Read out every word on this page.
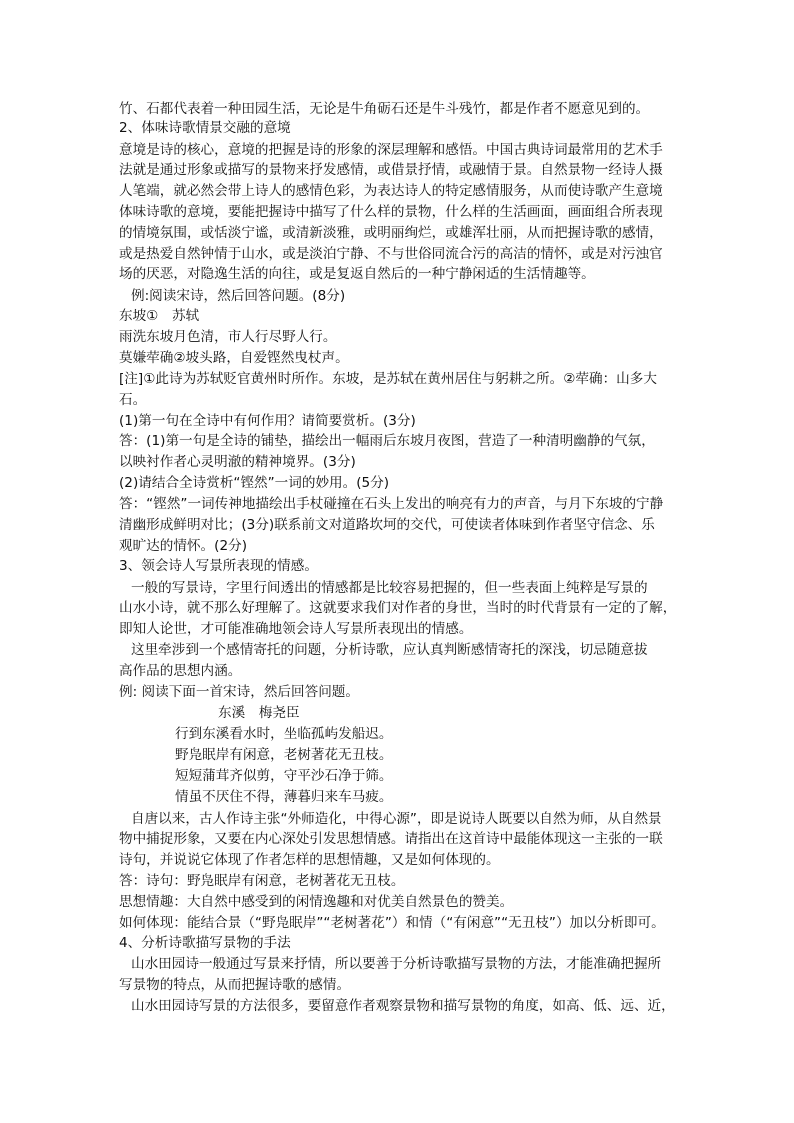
竹、石都代表着一种田园生活，无论是牛角砺石还是牛斗残竹，都是作者不愿意见到的。
2、体味诗歌情景交融的意境
意境是诗的核心，意境的把握是诗的形象的深层理解和感悟。中国古典诗词最常用的艺术手
法就是通过形象或描写的景物来抒发感情，或借景抒情，或融情于景。自然景物一经诗人摄
人笔端，就必然会带上诗人的感情色彩，为表达诗人的特定感情服务，从而使诗歌产生意境
体味诗歌的意境，要能把握诗中描写了什么样的景物，什么样的生活画面，画面组合所表现
的情境氛围，或恬淡宁谧，或清新淡雅，或明丽绚烂，或雄浑壮丽，从而把握诗歌的感情，
或是热爱自然钟情于山水，或是淡泊宁静、不与世俗同流合污的高洁的情怀，或是对污浊官
场的厌恶，对隐逸生活的向往，或是复返自然后的一种宁静闲适的生活情趣等。
例:阅读宋诗，然后回答问题。(8分)
东坡①　苏轼
雨洗东坡月色清，市人行尽野人行。
莫嫌荦确②坡头路，自爱铿然曳杖声。
[注]①此诗为苏轼贬官黄州时所作。东坡，是苏轼在黄州居住与躬耕之所。②荦确：山多大
石。
(1)第一句在全诗中有何作用？请简要赏析。(3分)
答：(1)第一句是全诗的铺垫，描绘出一幅雨后东坡月夜图，营造了一种清明幽静的气氛，
以映衬作者心灵明澈的精神境界。(3分)
(2)请结合全诗赏析“铿然”一词的妙用。(5分)
答：“铿然”一词传神地描绘出手杖碰撞在石头上发出的响亮有力的声音，与月下东坡的宁静
清幽形成鲜明对比；(3分)联系前文对道路坎坷的交代，可使读者体味到作者坚守信念、乐
观旷达的情怀。(2分)
3、领会诗人写景所表现的情感。
一般的写景诗，字里行间透出的情感都是比较容易把握的，但一些表面上纯粹是写景的
山水小诗，就不那么好理解了。这就要求我们对作者的身世，当时的时代背景有一定的了解，
即知人论世，才可能准确地领会诗人写景所表现出的情感。
这里牵涉到一个感情寄托的问题，分析诗歌，应认真判断感情寄托的深浅，切忌随意拔
高作品的思想内涵。
例: 阅读下面一首宋诗，然后回答问题。
东溪　梅尧臣
行到东溪看水时，坐临孤屿发船迟。
野凫眠岸有闲意，老树著花无丑枝。
短短蒲茸齐似剪，守平沙石净于筛。
情虽不厌住不得，薄暮归来车马疲。
自唐以来，古人作诗主张“外师造化，中得心源”，即是说诗人既要以自然为师，从自然景
物中捕捉形象，又要在内心深处引发思想情感。请指出在这首诗中最能体现这一主张的一联
诗句，并说说它体现了作者怎样的思想情趣，又是如何体现的。
答：诗句：野凫眠岸有闲意，老树著花无丑枝。
思想情趣：大自然中感受到的闲情逸趣和对优美自然景色的赞美。
如何体现：能结合景（“野凫眠岸”“老树著花”）和情（“有闲意”“无丑枝”）加以分析即可。
4、分析诗歌描写景物的手法
山水田园诗一般通过写景来抒情，所以要善于分析诗歌描写景物的方法，才能准确把握所
写景物的特点，从而把握诗歌的感情。
山水田园诗写景的方法很多，要留意作者观察景物和描写景物的角度，如高、低、远、近，
